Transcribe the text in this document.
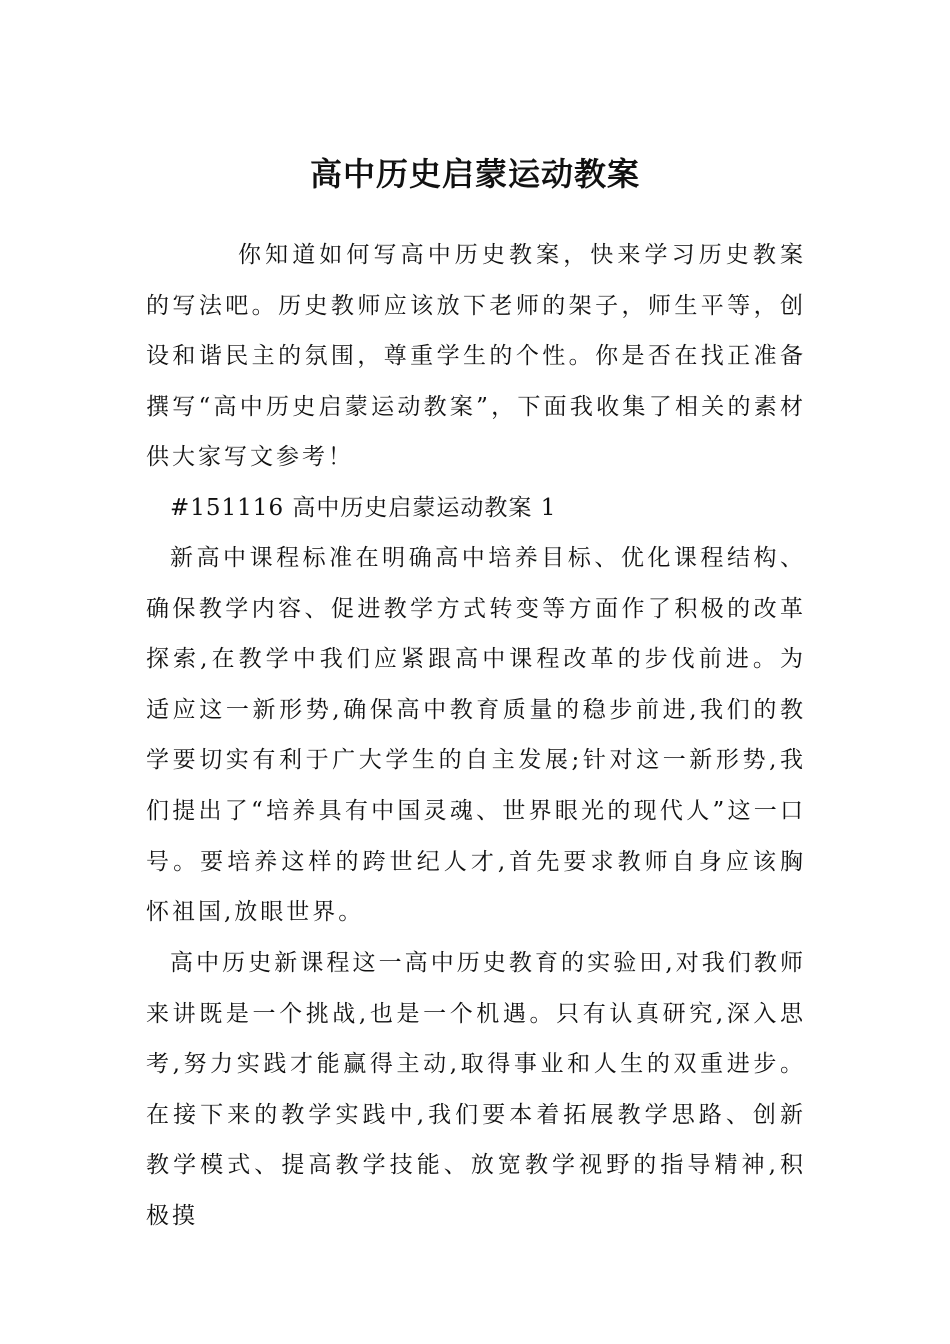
高中历史启蒙运动教案

你知道如何写高中历史教案，快来学习历史教案的写法吧。历史教师应该放下老师的架子，师生平等，创设和谐民主的氛围，尊重学生的个性。你是否在找正准备撰写“高中历史启蒙运动教案”，下面我收集了相关的素材供大家写文参考！

#151116 高中历史启蒙运动教案 1

新高中课程标准在明确高中培养目标、优化课程结构、确保教学内容、促进教学方式转变等方面作了积极的改革探索,在教学中我们应紧跟高中课程改革的步伐前进。为适应这一新形势,确保高中教育质量的稳步前进,我们的教学要切实有利于广大学生的自主发展;针对这一新形势,我们提出了“培养具有中国灵魂、世界眼光的现代人”这一口号。要培养这样的跨世纪人才,首先要求教师自身应该胸怀祖国,放眼世界。

高中历史新课程这一高中历史教育的实验田,对我们教师来讲既是一个挑战,也是一个机遇。只有认真研究,深入思考,努力实践才能赢得主动,取得事业和人生的双重进步。在接下来的教学实践中,我们要本着拓展教学思路、创新教学模式、提高教学技能、放宽教学视野的指导精神,积极摸
